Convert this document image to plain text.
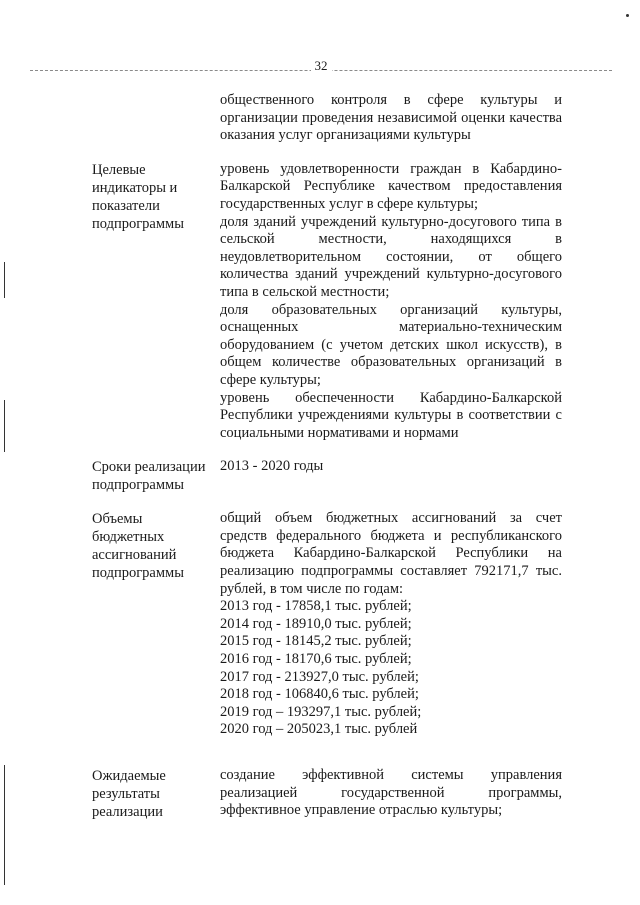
32
общественного контроля в сфере культуры и организации проведения независимой оценки качества оказания услуг организациями культуры
Целевые
индикаторы и
показатели
подпрограммы
уровень удовлетворенности граждан в Кабардино-Балкарской Республике качеством предоставления государственных услуг в сфере культуры;
доля зданий учреждений культурно-досугового типа в сельской местности, находящихся в неудовлетворительном состоянии, от общего количества зданий учреждений культурно-досугового типа в сельской местности;
доля образовательных организаций культуры, оснащенных материально-техническим оборудованием (с учетом детских школ искусств), в общем количестве образовательных организаций в сфере культуры;
уровень обеспеченности Кабардино-Балкарской Республики учреждениями культуры в соответствии с социальными нормативами и нормами
Сроки реализации
подпрограммы
2013 - 2020 годы
Объемы
бюджетных
ассигнований
подпрограммы
общий объем бюджетных ассигнований за счет средств федерального бюджета и республиканского бюджета Кабардино-Балкарской Республики на реализацию подпрограммы составляет 792171,7 тыс. рублей, в том числе по годам:
2013 год - 17858,1 тыс. рублей;
2014 год - 18910,0 тыс. рублей;
2015 год - 18145,2 тыс. рублей;
2016 год - 18170,6 тыс. рублей;
2017 год - 213927,0 тыс. рублей;
2018 год - 106840,6 тыс. рублей;
2019 год – 193297,1 тыс. рублей;
2020 год – 205023,1 тыс. рублей
Ожидаемые
результаты
реализации
создание эффективной системы управления реализацией государственной программы, эффективное управление отраслью культуры;
